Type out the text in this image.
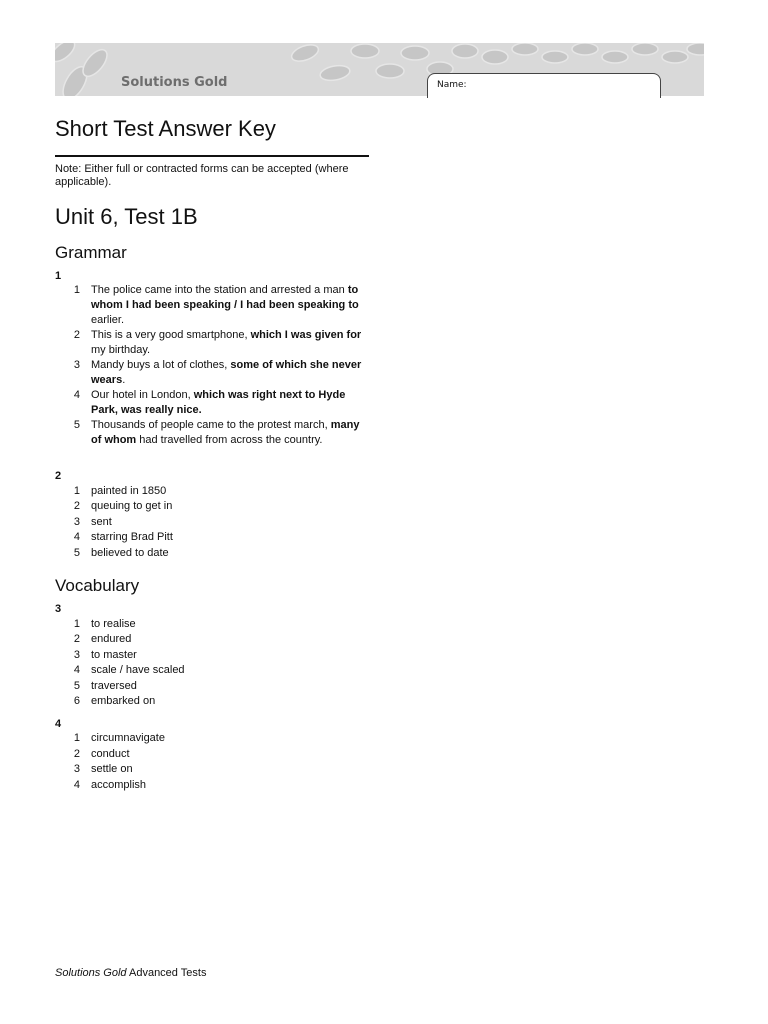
Solutions Gold	Name:
Short Test Answer Key
Note: Either full or contracted forms can be accepted (where applicable).
Unit 6, Test 1B
Grammar
1
1 The police came into the station and arrested a man to whom I had been speaking / I had been speaking to earlier.
2 This is a very good smartphone, which I was given for my birthday.
3 Mandy buys a lot of clothes, some of which she never wears.
4 Our hotel in London, which was right next to Hyde Park, was really nice.
5 Thousands of people came to the protest march, many of whom had travelled from across the country.
2
1 painted in 1850
2 queuing to get in
3 sent
4 starring Brad Pitt
5 believed to date
Vocabulary
3
1 to realise
2 endured
3 to master
4 scale / have scaled
5 traversed
6 embarked on
4
1 circumnavigate
2 conduct
3 settle on
4 accomplish
Solutions Gold Advanced Tests
